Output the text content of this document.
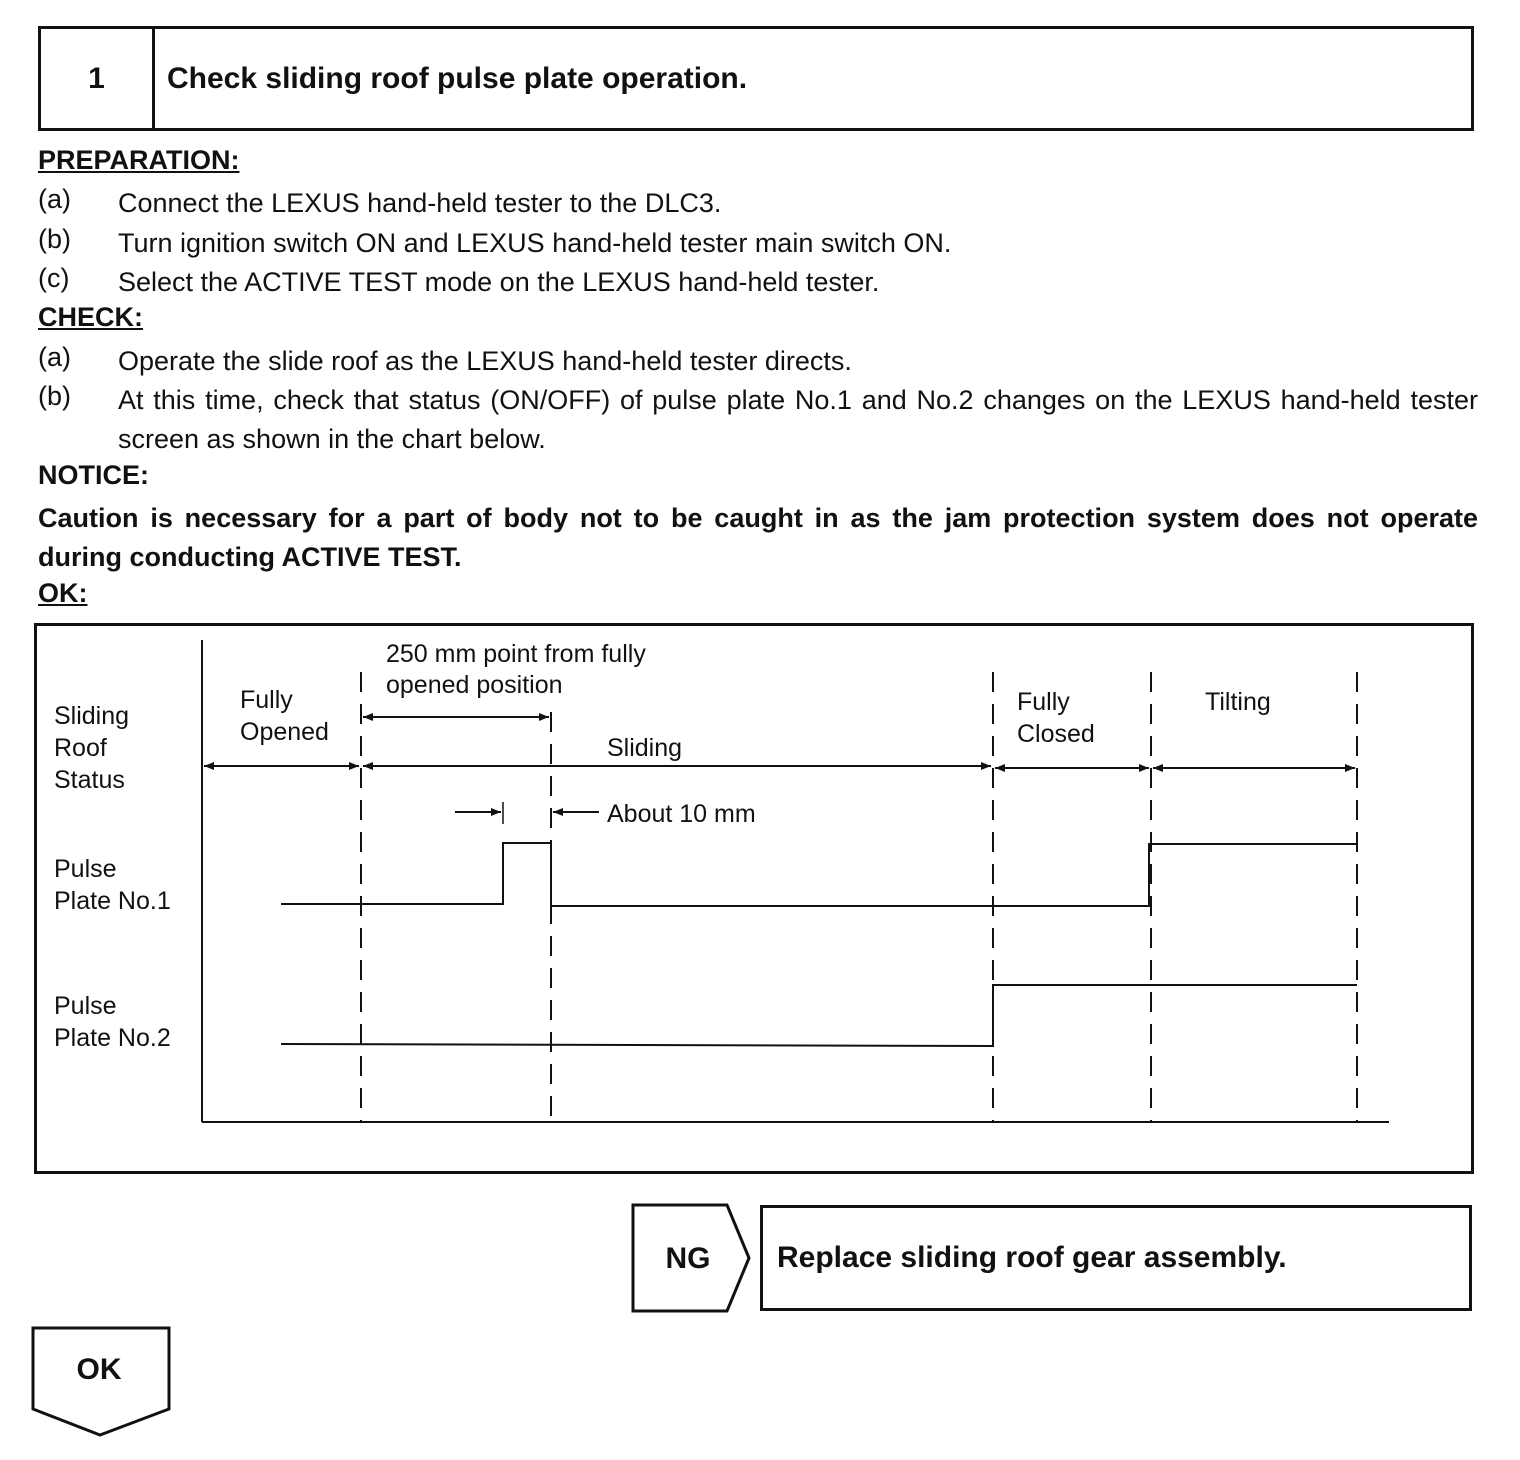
1	Check sliding roof pulse plate operation.
PREPARATION:
(a) Connect the LEXUS hand-held tester to the DLC3.
(b) Turn ignition switch ON and LEXUS hand-held tester main switch ON.
(c) Select the ACTIVE TEST mode on the LEXUS hand-held tester.
CHECK:
(a) Operate the slide roof as the LEXUS hand-held tester directs.
(b) At this time, check that status (ON/OFF) of pulse plate No.1 and No.2 changes on the LEXUS hand-held tester screen as shown in the chart below.
NOTICE:
Caution is necessary for a part of body not to be caught in as the jam protection system does not operate during conducting ACTIVE TEST.
OK:
Sliding
Roof
Status
Pulse
Plate No.1
Pulse
Plate No.2
Fully
Opened
Sliding
Fully
Closed
Tilting
250 mm point from fully
opened position
About 10 mm
NG	Replace sliding roof gear assembly.
OK
